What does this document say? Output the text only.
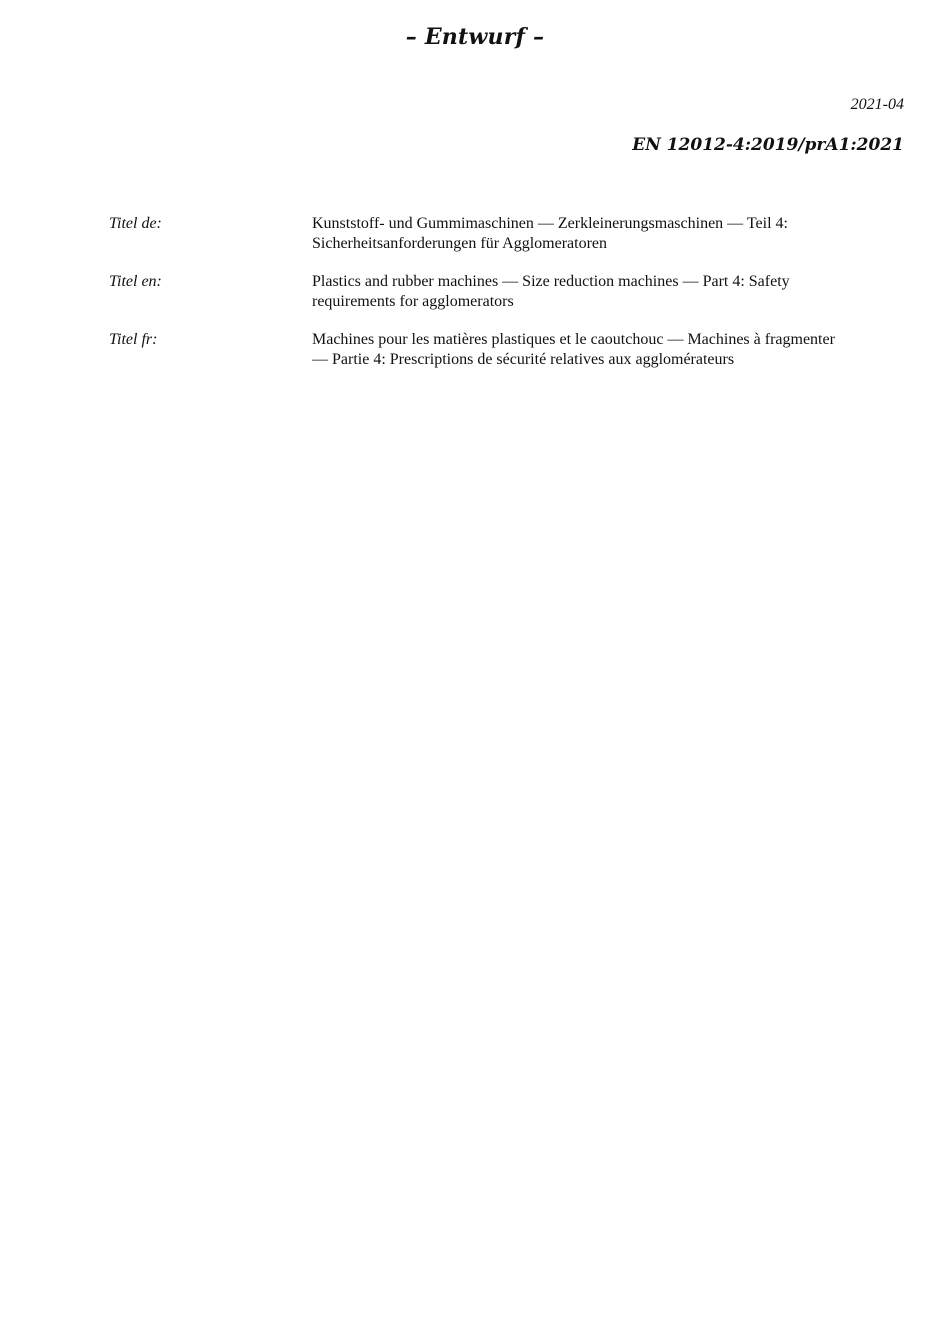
– Entwurf –
2021-04
EN 12012-4:2019/prA1:2021
Titel de:	Kunststoff- und Gummimaschinen — Zerkleinerungsmaschinen — Teil 4:
Sicherheitsanforderungen für Agglomeratoren
Titel en:	Plastics and rubber machines — Size reduction machines — Part 4: Safety
requirements for agglomerators
Titel fr:	Machines pour les matières plastiques et le caoutchouc — Machines à fragmenter
— Partie 4: Prescriptions de sécurité relatives aux agglomérateurs
